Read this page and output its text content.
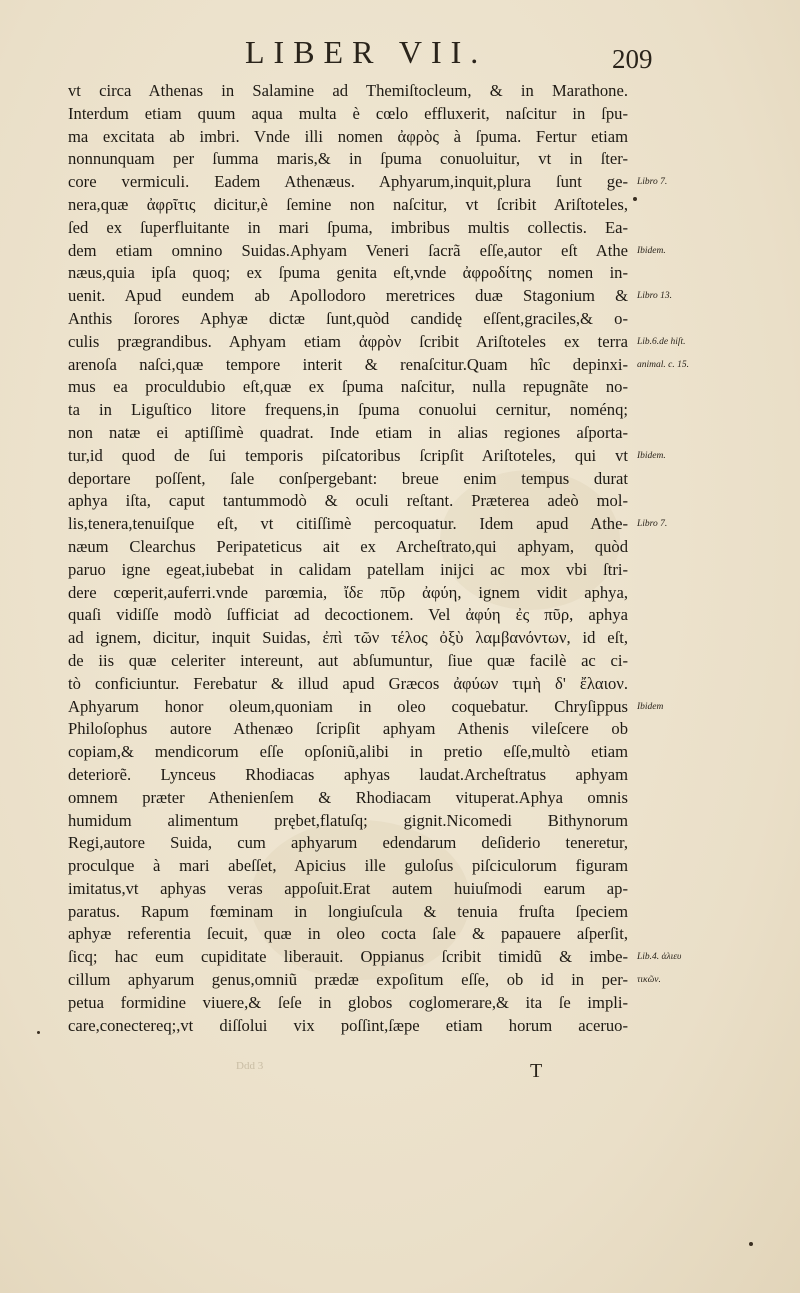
LIBER VII.	209
vt circa Athenas in Salamine ad Themiſtocleum, & in Marathone.
Interdum etiam quum aqua multa è cœlo effluxerit, naſcitur in ſpu-
ma excitata ab imbri. Vnde illi nomen ἀφρὸς à ſpuma. Fertur etiam
nonnunquam per ſumma maris,& in ſpuma conuoluitur, vt in ſter-
core vermiculi. Eadem Athenæus. Aphyarum,inquit,plura ſunt ge-
nera,quæ ἀφρῖτις dicitur,è ſemine non naſcitur, vt ſcribit Ariſtoteles,
ſed ex ſuperfluitante in mari ſpuma, imbribus multis collectis. Ea-
dem etiam omnino Suidas.Aphyam Veneri ſacrã eſſe,autor eſt Athe
næus,quia ipſa quoq; ex ſpuma genita eſt,vnde ἀφροδίτης nomen in-
uenit. Apud eundem ab Apollodoro meretrices duæ Stagonium &
Anthis ſorores Aphyæ dictæ ſunt,quòd candidę eſſent,graciles,& o-
culis prægrandibus. Aphyam etiam ἀφρὸν ſcribit Ariſtoteles ex terra
arenoſa naſci,quæ tempore interit & renaſcitur.Quam hîc depinxi-
mus ea proculdubio eſt,quæ ex ſpuma naſcitur, nulla repugnãte no-
ta in Liguſtico litore frequens,in ſpuma conuolui cernitur, noménq;
non natæ ei aptiſſimè quadrat. Inde etiam in alias regiones aſporta-
tur,id quod de ſui temporis piſcatoribus ſcripſit Ariſtoteles, qui vt
deportare poſſent, ſale conſpergebant: breue enim tempus durat
aphya iſta, caput tantummodò & oculi reſtant. Præterea adeò mol-
lis,tenera,tenuiſque eſt, vt citiſſimè percoquatur. Idem apud Athe-
næum Clearchus Peripateticus ait ex Archeſtrato,qui aphyam, quòd
paruo igne egeat,iubebat in calidam patellam inijci ac mox vbi ſtri-
dere cœperit,auferri.vnde parœmia, ἴδε πῦρ ἀφύη, ignem vidit aphya,
quaſi vidiſſe modò ſufficiat ad decoctionem. Vel ἀφύη ἐς πῦρ, aphya
ad ignem, dicitur, inquit Suidas, ἐπὶ τῶν τέλος ὀξὺ λαμβανόντων, id eſt,
de iis quæ celeriter intereunt, aut abſumuntur, ſiue quæ facilè ac ci-
tò conficiuntur. Ferebatur & illud apud Græcos ἀφύων τιμὴ δ' ἔλαιον.
Aphyarum honor oleum,quoniam in oleo coquebatur. Chryſippus
Philoſophus autore Athenæo ſcripſit aphyam Athenis vileſcere ob
copiam,& mendicorum eſſe opſoniũ,alibi in pretio eſſe,multò etiam
deteriorẽ. Lynceus Rhodiacas aphyas laudat.Archeſtratus aphyam
omnem præter Athenienſem & Rhodiacam vituperat.Aphya omnis
humidum alimentum prębet,flatuſq; gignit.Nicomedi Bithynorum
Regi,autore Suida, cum aphyarum edendarum deſiderio teneretur,
proculque à mari abeſſet, Apicius ille guloſus piſciculorum figuram
imitatus,vt aphyas veras appoſuit.Erat autem huiuſmodi earum ap-
paratus. Rapum fœminam in longiuſcula & tenuia fruſta ſpeciem
aphyæ referentia ſecuit, quæ in oleo cocta ſale & papauere aſperſit,
ſicq; hac eum cupiditate liberauit. Oppianus ſcribit timidũ & imbe-
cillum aphyarum genus,omniũ prædæ expoſitum eſſe, ob id in per-
petua formidine viuere,& ſeſe in globos coglomerare,& ita ſe impli-
care,conectereq;,vt diſſolui vix poſſint,ſæpe etiam horum aceruo-
Libro 7.
Ibidem.
Libro 13.
Lib.6.de hiſt.
animal. c. 15.
Ibidem.
Libro 7.
Ibidem
Lib.4. ἁλιευ
τικῶν.
Ddd 3	T
